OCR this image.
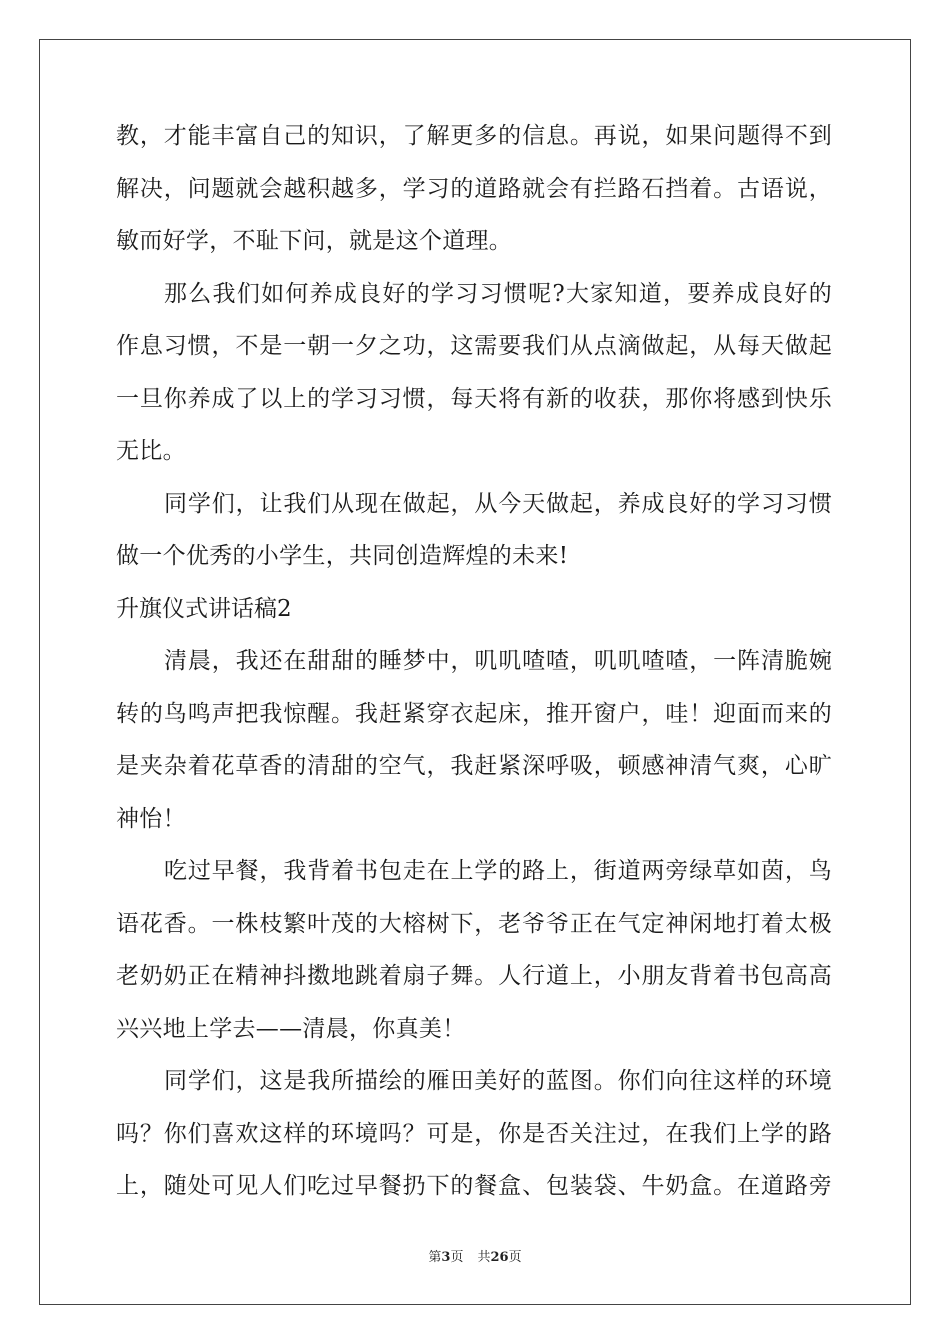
教，才能丰富自己的知识，了解更多的信息。再说，如果问题得不到
解决，问题就会越积越多，学习的道路就会有拦路石挡着。古语说，
敏而好学，不耻下问，就是这个道理。
那么我们如何养成良好的学习习惯呢?大家知道，要养成良好的
作息习惯，不是一朝一夕之功，这需要我们从点滴做起，从每天做起
一旦你养成了以上的学习习惯，每天将有新的收获，那你将感到快乐
无比。
同学们，让我们从现在做起，从今天做起，养成良好的学习习惯
做一个优秀的小学生，共同创造辉煌的未来!
升旗仪式讲话稿2
清晨，我还在甜甜的睡梦中，叽叽喳喳，叽叽喳喳，一阵清脆婉
转的鸟鸣声把我惊醒。我赶紧穿衣起床，推开窗户，哇！迎面而来的
是夹杂着花草香的清甜的空气，我赶紧深呼吸，顿感神清气爽，心旷
神怡！
吃过早餐，我背着书包走在上学的路上，街道两旁绿草如茵，鸟
语花香。一株枝繁叶茂的大榕树下，老爷爷正在气定神闲地打着太极
老奶奶正在精神抖擞地跳着扇子舞。人行道上，小朋友背着书包高高
兴兴地上学去——清晨，你真美！
同学们，这是我所描绘的雁田美好的蓝图。你们向往这样的环境
吗？你们喜欢这样的环境吗？可是，你是否关注过，在我们上学的路
上，随处可见人们吃过早餐扔下的餐盒、包装袋、牛奶盒。在道路旁
第3页 共26页
